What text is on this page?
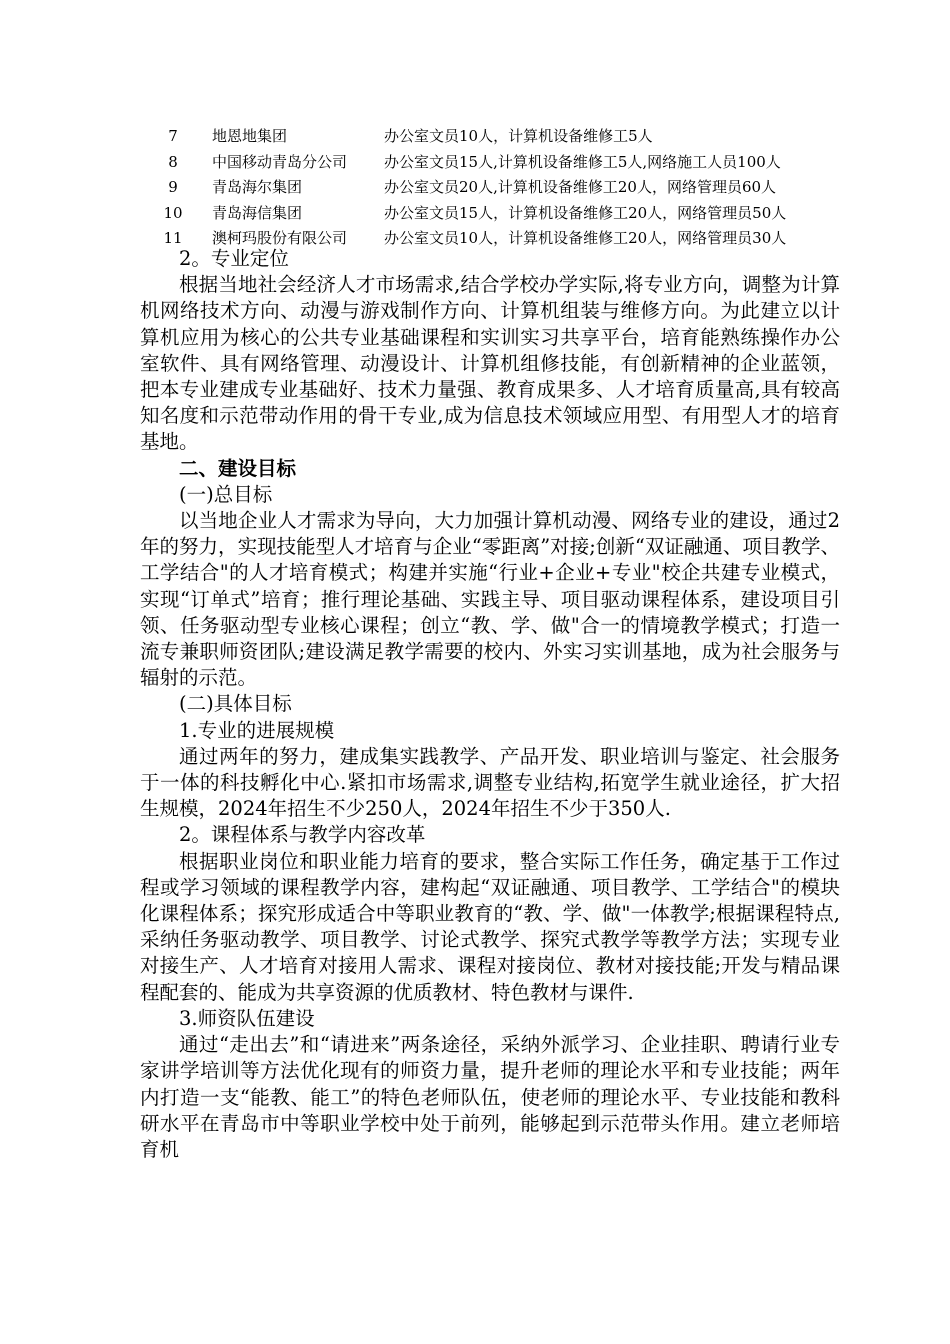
7	地恩地集团	办公室文员10人，计算机设备维修工5人
8	中国移动青岛分公司 办公室文员15人,计算机设备维修工5人,网络施工人员100人
9	青岛海尔集团	办公室文员20人,计算机设备维修工20人，网络管理员60人
10	青岛海信集团	办公室文员15人，计算机设备维修工20人，网络管理员50人
11	澳柯玛股份有限公司 办公室文员10人，计算机设备维修工20人，网络管理员30人

2。专业定位

根据当地社会经济人才市场需求,结合学校办学实际,将专业方向，调整为计算机网络技术方向、动漫与游戏制作方向、计算机组装与维修方向。为此建立以计算机应用为核心的公共专业基础课程和实训实习共享平台，培育能熟练操作办公室软件、具有网络管理、动漫设计、计算机组修技能，有创新精神的企业蓝领，把本专业建成专业基础好、技术力量强、教育成果多、人才培育质量高,具有较高知名度和示范带动作用的骨干专业,成为信息技术领域应用型、有用型人才的培育基地。

二、建设目标

(一)总目标

以当地企业人才需求为导向，大力加强计算机动漫、网络专业的建设，通过2年的努力，实现技能型人才培育与企业“零距离”对接;创新“双证融通、项目教学、工学结合"的人才培育模式；构建并实施“行业+企业+专业"校企共建专业模式，实现“订单式”培育；推行理论基础、实践主导、项目驱动课程体系，建设项目引领、任务驱动型专业核心课程；创立“教、学、做"合一的情境教学模式；打造一流专兼职师资团队;建设满足教学需要的校内、外实习实训基地，成为社会服务与辐射的示范。

(二)具体目标

1.专业的进展规模

通过两年的努力，建成集实践教学、产品开发、职业培训与鉴定、社会服务于一体的科技孵化中心.紧扣市场需求,调整专业结构,拓宽学生就业途径，扩大招生规模，2024年招生不少250人，2024年招生不少于350人.

2。课程体系与教学内容改革

根据职业岗位和职业能力培育的要求，整合实际工作任务，确定基于工作过程或学习领域的课程教学内容，建构起“双证融通、项目教学、工学结合"的模块化课程体系；探究形成适合中等职业教育的“教、学、做"一体教学;根据课程特点,采纳任务驱动教学、项目教学、讨论式教学、探究式教学等教学方法；实现专业对接生产、人才培育对接用人需求、课程对接岗位、教材对接技能;开发与精品课程配套的、能成为共享资源的优质教材、特色教材与课件.

3.师资队伍建设

通过“走出去”和“请进来”两条途径，采纳外派学习、企业挂职、聘请行业专家讲学培训等方法优化现有的师资力量，提升老师的理论水平和专业技能；两年内打造一支“能教、能工”的特色老师队伍，使老师的理论水平、专业技能和教科研水平在青岛市中等职业学校中处于前列，能够起到示范带头作用。建立老师培育机
